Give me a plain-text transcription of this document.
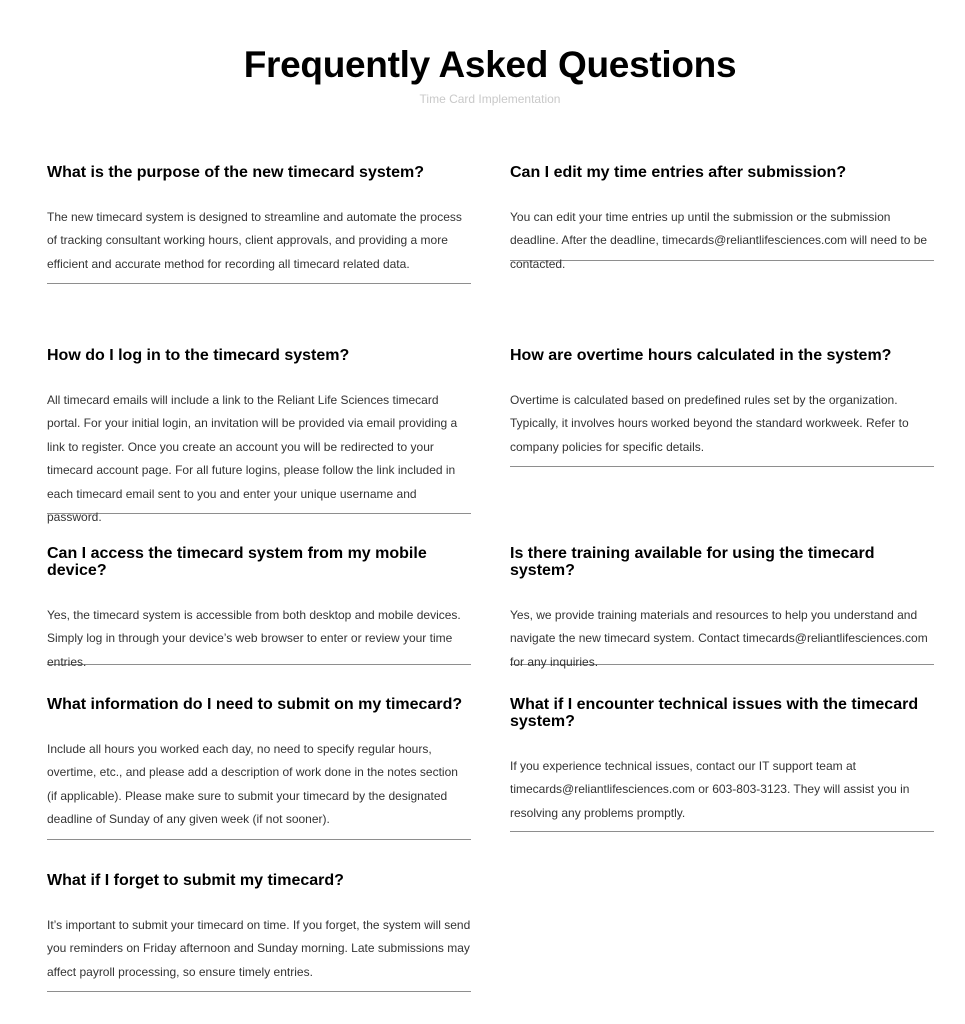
Frequently Asked Questions
Time Card Implementation
What is the purpose of the new timecard system?

The new timecard system is designed to streamline and automate the process of tracking consultant working hours, client approvals, and providing a more efficient and accurate method for recording all timecard related data.

How do I log in to the timecard system?

All timecard emails will include a link to the Reliant Life Sciences timecard portal. For your initial login, an invitation will be provided via email providing a link to register. Once you create an account you will be redirected to your timecard account page. For all future logins, please follow the link included in each timecard email sent to you and enter your unique username and password.

Can I access the timecard system from my mobile device?

Yes, the timecard system is accessible from both desktop and mobile devices. Simply log in through your device’s web browser to enter or review your time entries.

What information do I need to submit on my timecard?

Include all hours you worked each day, no need to specify regular hours, overtime, etc., and please add a description of work done in the notes section (if applicable). Please make sure to submit your timecard by the designated deadline of Sunday of any given week (if not sooner).

What if I forget to submit my timecard?

It’s important to submit your timecard on time. If you forget, the system will send you reminders on Friday afternoon and Sunday morning. Late submissions may affect payroll processing, so ensure timely entries.

Can I edit my time entries after submission?

You can edit your time entries up until the submission or the submission deadline. After the deadline, timecards@reliantlifesciences.com will need to be contacted.

How are overtime hours calculated in the system?

Overtime is calculated based on predefined rules set by the organization. Typically, it involves hours worked beyond the standard workweek. Refer to company policies for specific details.

Is there training available for using the timecard system?

Yes, we provide training materials and resources to help you understand and navigate the new timecard system. Contact timecards@reliantlifesciences.com for any inquiries.

What if I encounter technical issues with the timecard system?

If you experience technical issues, contact our IT support team at timecards@reliantlifesciences.com or 603-803-3123. They will assist you in resolving any problems promptly.
